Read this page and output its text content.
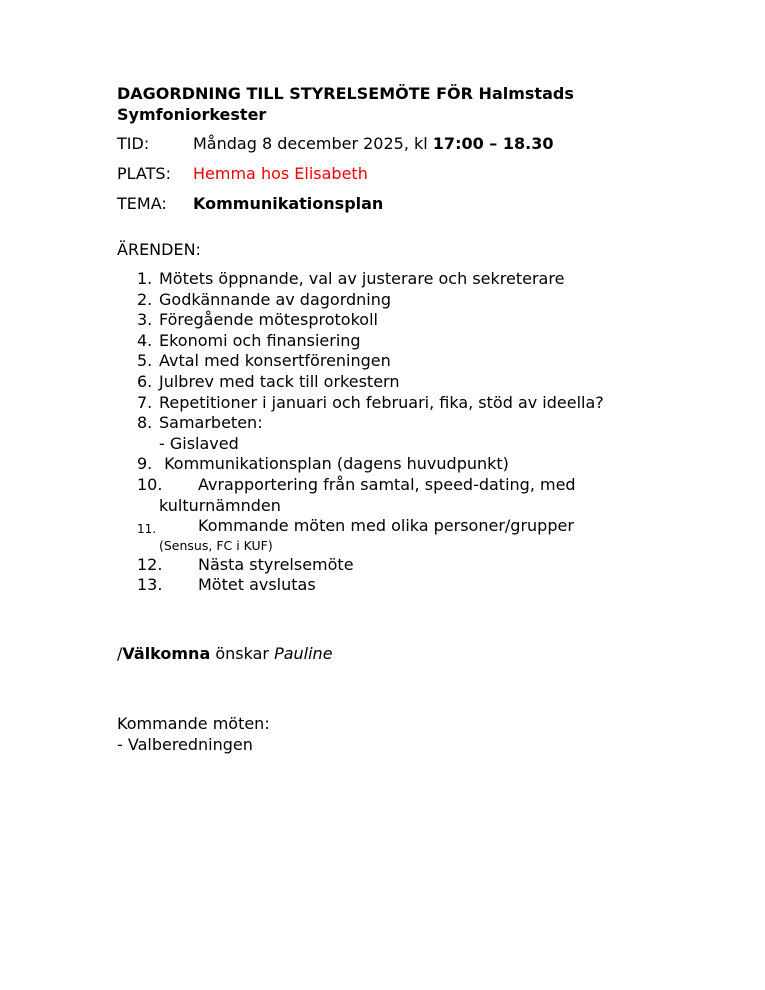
DAGORDNING TILL STYRELSEMÖTE FÖR Halmstads
Symfoniorkester
TID:	Måndag 8 december 2025, kl 17:00 – 18.30
PLATS: Hemma hos Elisabeth
TEMA: Kommunikationsplan
ÄRENDEN:
1. Mötets öppnande, val av justerare och sekreterare
2. Godkännande av dagordning
3. Föregående mötesprotokoll
4. Ekonomi och finansiering
5. Avtal med konsertföreningen
6. Julbrev med tack till orkestern
7. Repetitioner i januari och februari, fika, stöd av ideella?
8. Samarbeten:
- Gislaved
9. Kommunikationsplan (dagens huvudpunkt)
10. Avrapportering från samtal, speed-dating, med
kulturnämnden
11.	Kommande möten med olika personer/grupper
(Sensus, FC i KUF)
12. Nästa styrelsemöte
13. Mötet avslutas
/Välkomna önskar Pauline
Kommande möten:
- Valberedningen
